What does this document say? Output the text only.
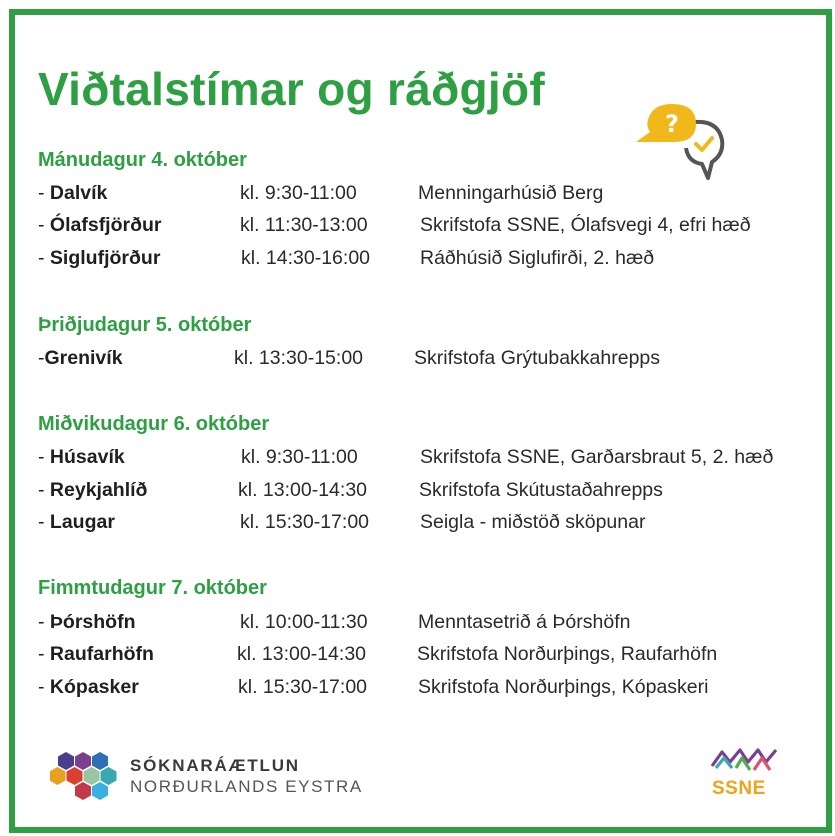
Viðtalstímar og ráðgjöf
?
Mánudagur 4. október
- Dalvík	kl. 9:30-11:00	Menningarhúsið Berg
- Ólafsfjörður	kl. 11:30-13:00	Skrifstofa SSNE, Ólafsvegi 4, efri hæð
- Siglufjörður	kl. 14:30-16:00	Ráðhúsið Siglufirði, 2. hæð
Þriðjudagur 5. október
-Grenivík	kl. 13:30-15:00	Skrifstofa Grýtubakkahrepps
Miðvikudagur 6. október
- Húsavík	kl. 9:30-11:00	Skrifstofa SSNE, Garðarsbraut 5, 2. hæð
- Reykjahlíð	kl. 13:00-14:30	Skrifstofa Skútustaðahrepps
- Laugar	kl. 15:30-17:00	Seigla - miðstöð sköpunar
Fimmtudagur 7. október
- Þórshöfn	kl. 10:00-11:30	Menntasetrið á Þórshöfn
- Raufarhöfn	kl. 13:00-14:30	Skrifstofa Norðurþings, Raufarhöfn
- Kópasker	kl. 15:30-17:00	Skrifstofa Norðurþings, Kópaskeri
SÓKNARÁÆTLUN
NORÐURLANDS EYSTRA	SSNE
